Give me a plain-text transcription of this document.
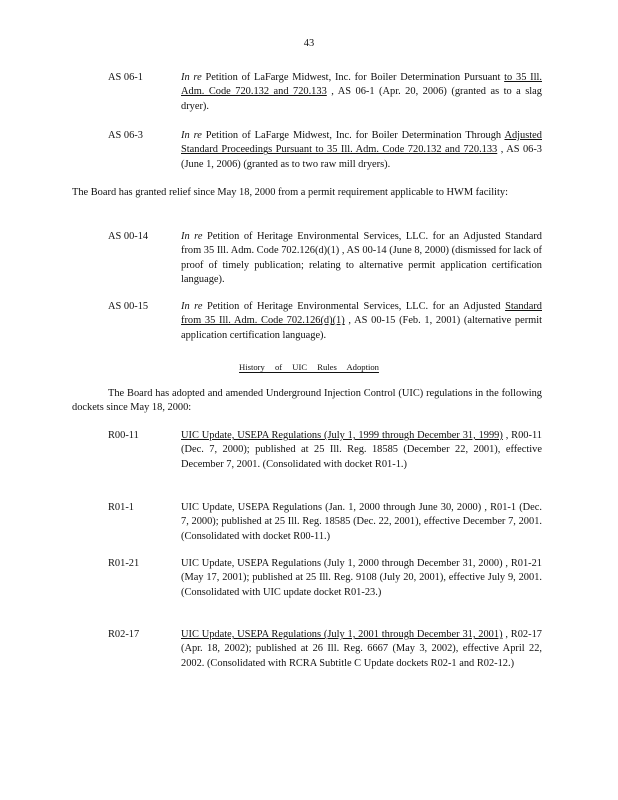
43
AS 06-1	In re Petition of LaFarge Midwest, Inc. for Boiler Determination Pursuant to 35 Ill. Adm. Code 720.132 and 720.133 , AS 06-1 (Apr. 20, 2006) (granted as to a slag dryer).
AS 06-3	In re Petition of LaFarge Midwest, Inc. for Boiler Determination Through Adjusted Standard Proceedings Pursuant to 35 Ill. Adm. Code 720.132 and 720.133 , AS 06-3 (June 1, 2006) (granted as to two raw mill dryers).
The Board has granted relief since May 18, 2000 from a permit requirement applicable to HWM facility:
AS 00-14	In re Petition of Heritage Environmental Services, LLC. for an Adjusted Standard from 35 Ill. Adm. Code 702.126(d)(1) , AS 00-14 (June 8, 2000) (dismissed for lack of proof of timely publication; relating to alternative permit application certification language).
AS 00-15	In re Petition of Heritage Environmental Services, LLC. for an Adjusted Standard from 35 Ill. Adm. Code 702.126(d)(1) , AS 00-15 (Feb. 1, 2001) (alternative permit application certification language).
History of UIC Rules Adoption
The Board has adopted and amended Underground Injection Control (UIC) regulations in the following dockets since May 18, 2000:
R00-11	UIC Update, USEPA Regulations (July 1, 1999 through December 31, 1999) , R00-11 (Dec. 7, 2000); published at 25 Ill. Reg. 18585 (December 22, 2001), effective December 7, 2001. (Consolidated with docket R01-1.)
R01-1	UIC Update, USEPA Regulations (Jan. 1, 2000 through June 30, 2000) , R01-1 (Dec. 7, 2000); published at 25 Ill. Reg. 18585 (Dec. 22, 2001), effective December 7, 2001. (Consolidated with docket R00-11.)
R01-21	UIC Update, USEPA Regulations (July 1, 2000 through December 31, 2000) , R01-21 (May 17, 2001); published at 25 Ill. Reg. 9108 (July 20, 2001), effective July 9, 2001. (Consolidated with UIC update docket R01-23.)
R02-17	UIC Update, USEPA Regulations (July 1, 2001 through December 31, 2001) , R02-17 (Apr. 18, 2002); published at 26 Ill. Reg. 6667 (May 3, 2002), effective April 22, 2002. (Consolidated with RCRA Subtitle C Update dockets R02-1 and R02-12.)
